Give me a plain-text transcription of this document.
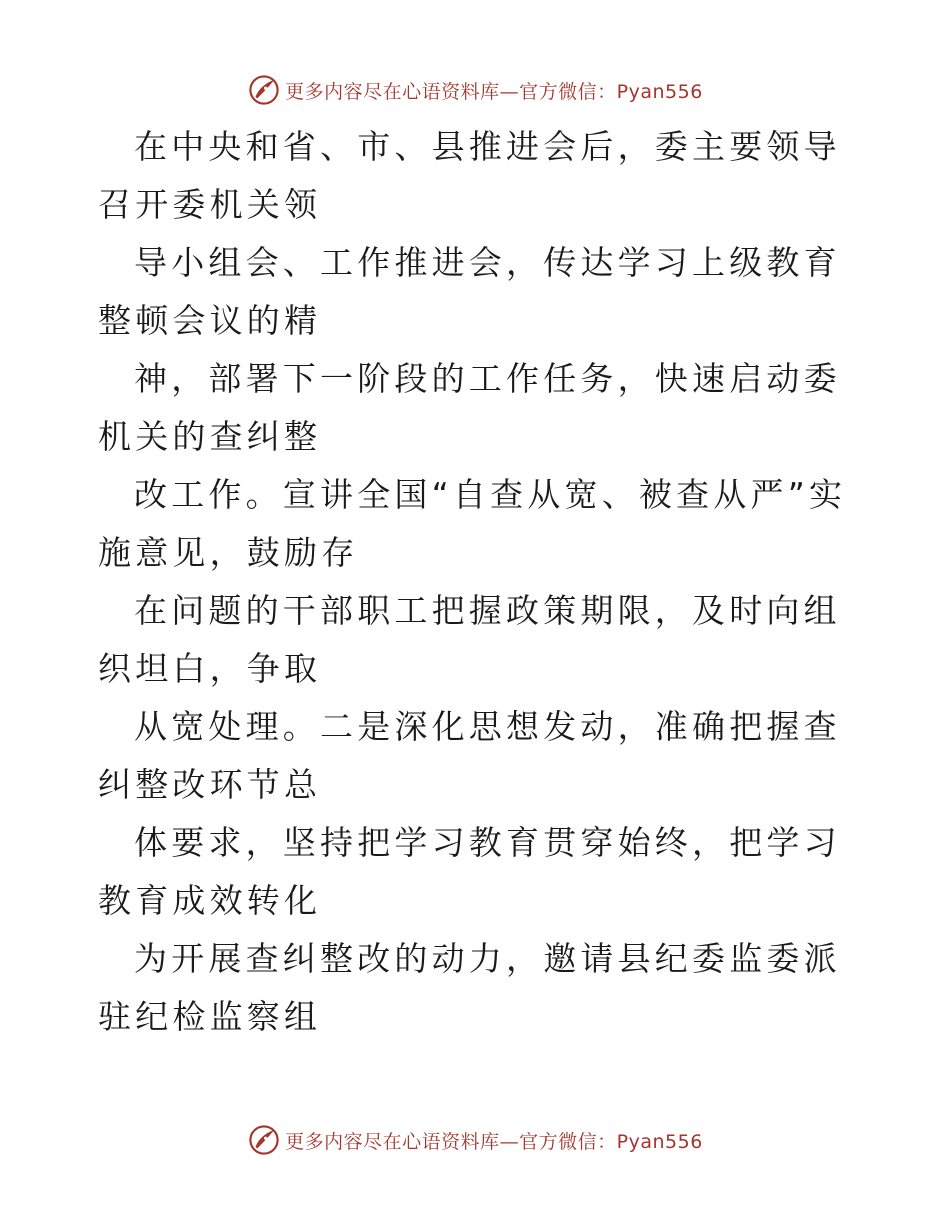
更多内容尽在心语资料库—官方微信：Pyan556

在中央和省、市、县推进会后，委主要领导召开委机关领

导小组会、工作推进会，传达学习上级教育整顿会议的精

神，部署下一阶段的工作任务，快速启动委机关的查纠整

改工作。宣讲全国“自查从宽、被查从严”实施意见，鼓励存

在问题的干部职工把握政策期限，及时向组织坦白，争取

从宽处理。二是深化思想发动，准确把握查纠整改环节总

体要求，坚持把学习教育贯穿始终，把学习教育成效转化

为开展查纠整改的动力，邀请县纪委监委派驻纪检监察组

更多内容尽在心语资料库—官方微信：Pyan556
